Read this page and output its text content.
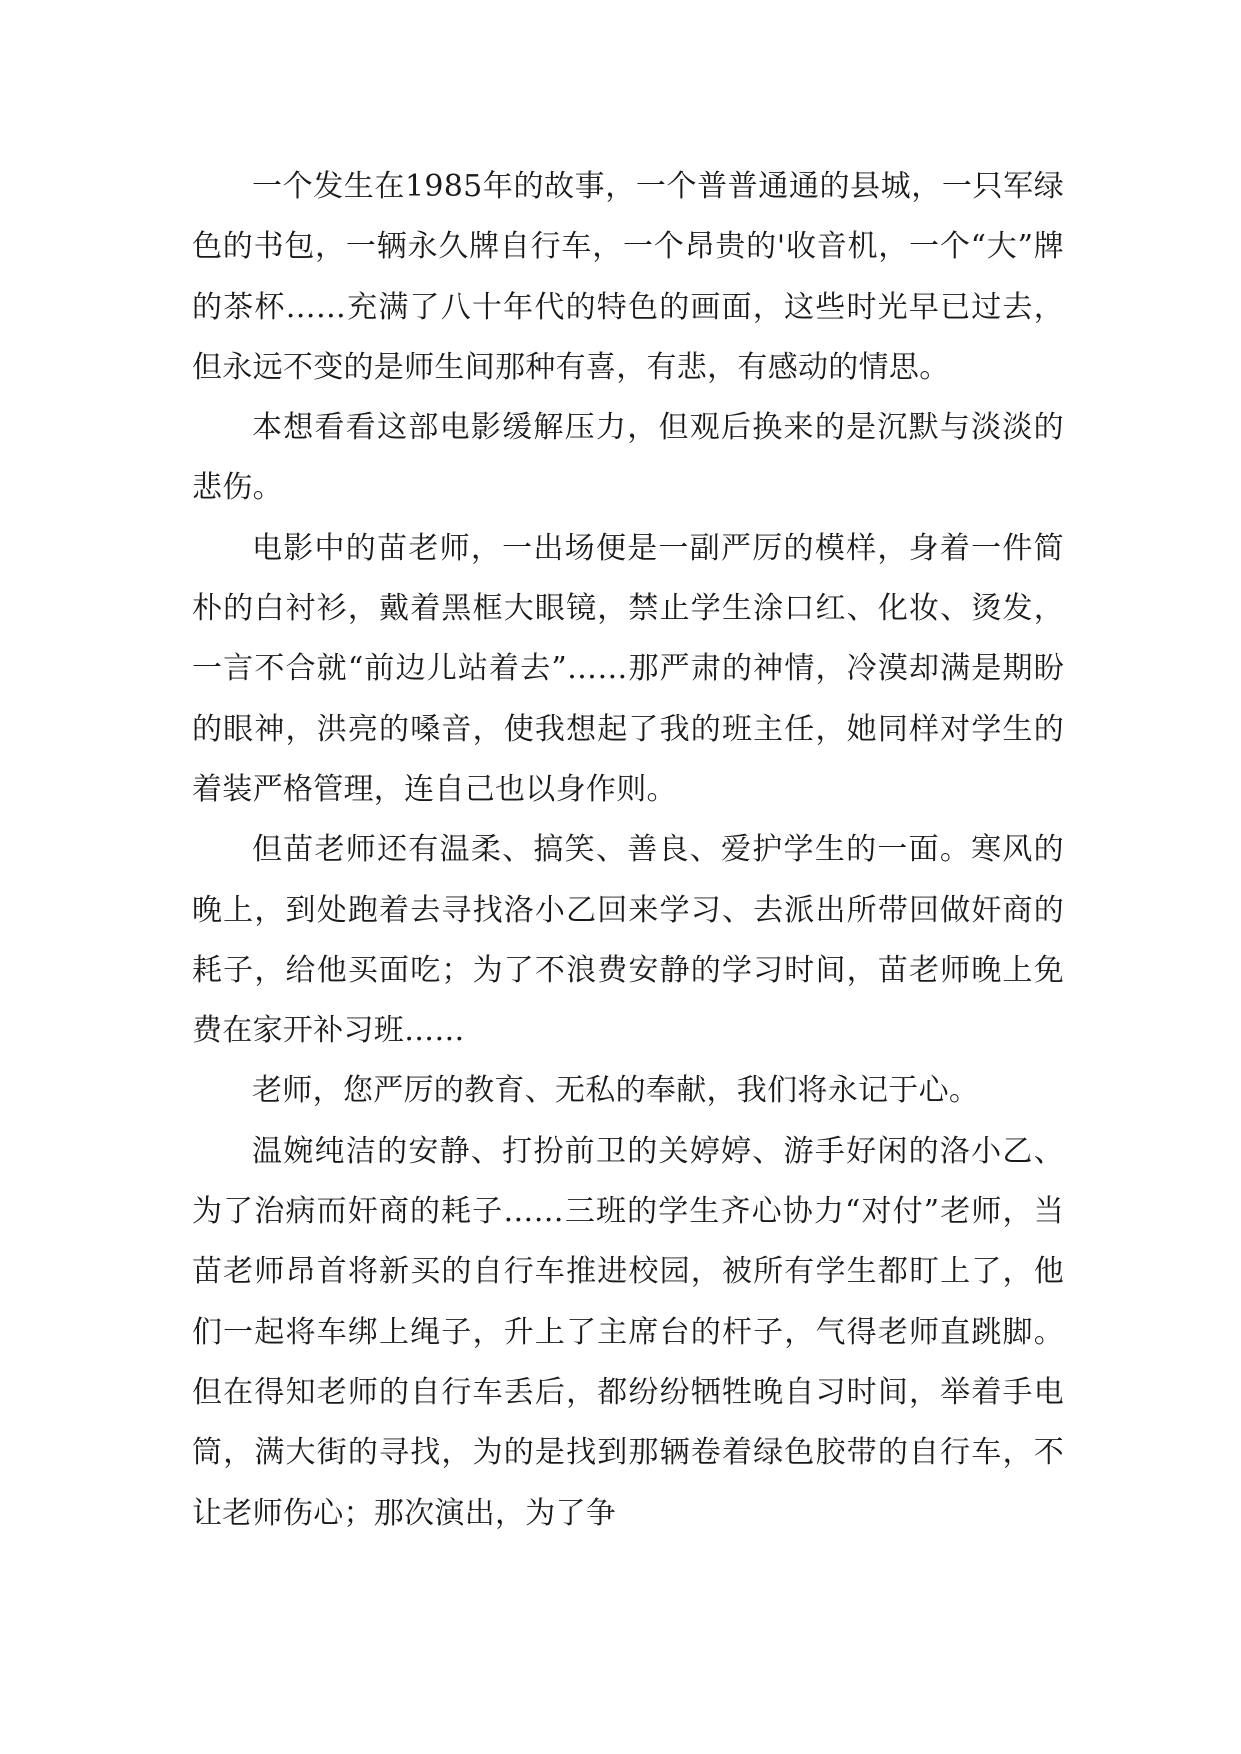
一个发生在1985年的故事，一个普普通通的县城，一只军绿色的书包，一辆永久牌自行车，一个昂贵的'收音机，一个“大”牌的茶杯……充满了八十年代的特色的画面，这些时光早已过去，但永远不变的是师生间那种有喜，有悲，有感动的情思。

本想看看这部电影缓解压力，但观后换来的是沉默与淡淡的悲伤。

电影中的苗老师，一出场便是一副严厉的模样，身着一件简朴的白衬衫，戴着黑框大眼镜，禁止学生涂口红、化妆、烫发，一言不合就“前边儿站着去”……那严肃的神情，冷漠却满是期盼的眼神，洪亮的嗓音，使我想起了我的班主任，她同样对学生的着装严格管理，连自己也以身作则。

但苗老师还有温柔、搞笑、善良、爱护学生的一面。寒风的晚上，到处跑着去寻找洛小乙回来学习、去派出所带回做奸商的耗子，给他买面吃；为了不浪费安静的学习时间，苗老师晚上免费在家开补习班……

老师，您严厉的教育、无私的奉献，我们将永记于心。

温婉纯洁的安静、打扮前卫的关婷婷、游手好闲的洛小乙、为了治病而奸商的耗子……三班的学生齐心协力“对付”老师，当苗老师昂首将新买的自行车推进校园，被所有学生都盯上了，他们一起将车绑上绳子，升上了主席台的杆子，气得老师直跳脚。但在得知老师的自行车丢后，都纷纷牺牲晚自习时间，举着手电筒，满大街的寻找，为的是找到那辆卷着绿色胶带的自行车，不让老师伤心；那次演出，为了争
